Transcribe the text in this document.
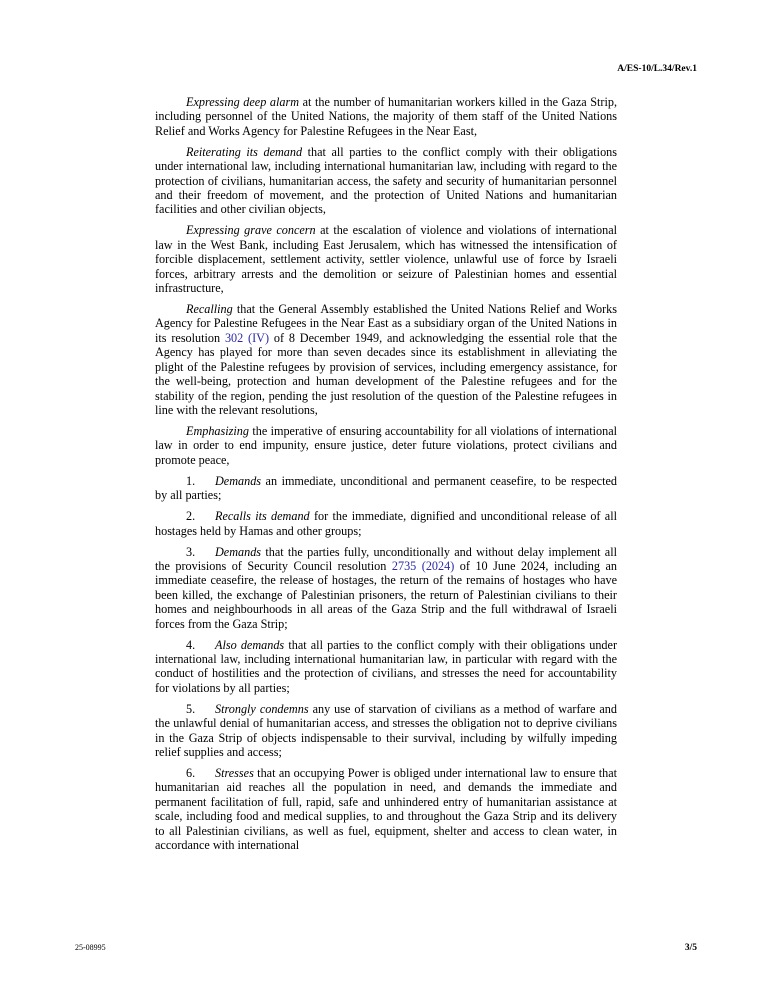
A/ES-10/L.34/Rev.1

Expressing deep alarm at the number of humanitarian workers killed in the Gaza Strip, including personnel of the United Nations, the majority of them staff of the United Nations Relief and Works Agency for Palestine Refugees in the Near East,

Reiterating its demand that all parties to the conflict comply with their obligations under international law, including international humanitarian law, including with regard to the protection of civilians, humanitarian access, the safety and security of humanitarian personnel and their freedom of movement, and the protection of United Nations and humanitarian facilities and other civilian objects,

Expressing grave concern at the escalation of violence and violations of international law in the West Bank, including East Jerusalem, which has witnessed the intensification of forcible displacement, settlement activity, settler violence, unlawful use of force by Israeli forces, arbitrary arrests and the demolition or seizure of Palestinian homes and essential infrastructure,

Recalling that the General Assembly established the United Nations Relief and Works Agency for Palestine Refugees in the Near East as a subsidiary organ of the United Nations in its resolution 302 (IV) of 8 December 1949, and acknowledging the essential role that the Agency has played for more than seven decades since its establishment in alleviating the plight of the Palestine refugees by provision of services, including emergency assistance, for the well-being, protection and human development of the Palestine refugees and for the stability of the region, pending the just resolution of the question of the Palestine refugees in line with the relevant resolutions,

Emphasizing the imperative of ensuring accountability for all violations of international law in order to end impunity, ensure justice, deter future violations, protect civilians and promote peace,

1. Demands an immediate, unconditional and permanent ceasefire, to be respected by all parties;

2. Recalls its demand for the immediate, dignified and unconditional release of all hostages held by Hamas and other groups;

3. Demands that the parties fully, unconditionally and without delay implement all the provisions of Security Council resolution 2735 (2024) of 10 June 2024, including an immediate ceasefire, the release of hostages, the return of the remains of hostages who have been killed, the exchange of Palestinian prisoners, the return of Palestinian civilians to their homes and neighbourhoods in all areas of the Gaza Strip and the full withdrawal of Israeli forces from the Gaza Strip;

4. Also demands that all parties to the conflict comply with their obligations under international law, including international humanitarian law, in particular with regard with the conduct of hostilities and the protection of civilians, and stresses the need for accountability for violations by all parties;

5. Strongly condemns any use of starvation of civilians as a method of warfare and the unlawful denial of humanitarian access, and stresses the obligation not to deprive civilians in the Gaza Strip of objects indispensable to their survival, including by wilfully impeding relief supplies and access;

6. Stresses that an occupying Power is obliged under international law to ensure that humanitarian aid reaches all the population in need, and demands the immediate and permanent facilitation of full, rapid, safe and unhindered entry of humanitarian assistance at scale, including food and medical supplies, to and throughout the Gaza Strip and its delivery to all Palestinian civilians, as well as fuel, equipment, shelter and access to clean water, in accordance with international

25-08995	3/5
